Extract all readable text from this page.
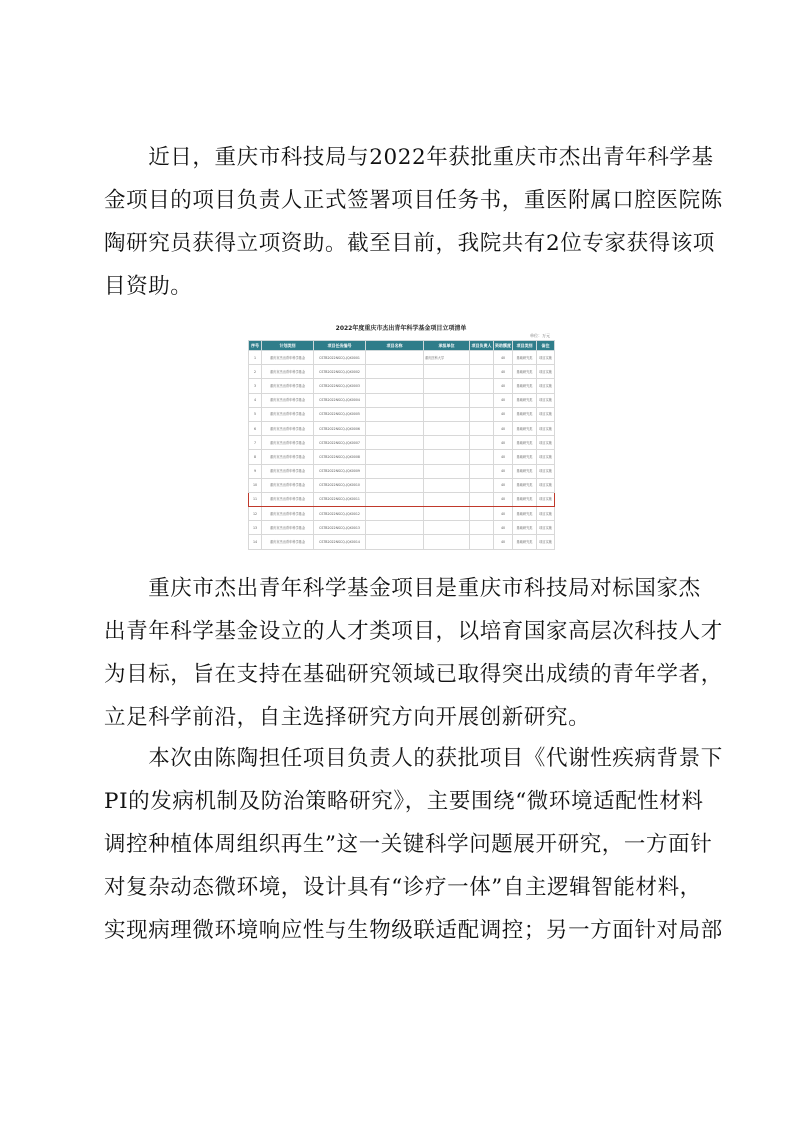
　　近日，重庆市科技局与2022年获批重庆市杰出青年科学基
金项目的项目负责人正式签署项目任务书，重医附属口腔医院陈
陶研究员获得立项资助。截至目前，我院共有2位专家获得该项
目资助。
2022年度重庆市杰出青年科学基金项目立项清单
单位：万元
序号	计划类别	项目任务编号	项目名称	承担单位	项目负责人	资助额度	项目类别	备注
1	重庆市杰出青年科学基金	CSTB2022NSCQ-JQX0001		重庆医科大学		40	基础研究类	项目实施
2	重庆市杰出青年科学基金	CSTB2022NSCQ-JQX0002				40	基础研究类	项目实施
3	重庆市杰出青年科学基金	CSTB2022NSCQ-JQX0003				40	基础研究类	项目实施
4	重庆市杰出青年科学基金	CSTB2022NSCQ-JQX0004				40	基础研究类	项目实施
5	重庆市杰出青年科学基金	CSTB2022NSCQ-JQX0005				40	基础研究类	项目实施
6	重庆市杰出青年科学基金	CSTB2022NSCQ-JQX0006				40	基础研究类	项目实施
7	重庆市杰出青年科学基金	CSTB2022NSCQ-JQX0007				40	基础研究类	项目实施
8	重庆市杰出青年科学基金	CSTB2022NSCQ-JQX0008				40	基础研究类	项目实施
9	重庆市杰出青年科学基金	CSTB2022NSCQ-JQX0009				40	基础研究类	项目实施
10	重庆市杰出青年科学基金	CSTB2022NSCQ-JQX0010				40	基础研究类	项目实施
11	重庆市杰出青年科学基金	CSTB2022NSCQ-JQX0011				40	基础研究类	项目实施
12	重庆市杰出青年科学基金	CSTB2022NSCQ-JQX0012				40	基础研究类	项目实施
13	重庆市杰出青年科学基金	CSTB2022NSCQ-JQX0013				40	基础研究类	项目实施
14	重庆市杰出青年科学基金	CSTB2022NSCQ-JQX0014				40	基础研究类	项目实施
　　重庆市杰出青年科学基金项目是重庆市科技局对标国家杰
出青年科学基金设立的人才类项目，以培育国家高层次科技人才
为目标，旨在支持在基础研究领域已取得突出成绩的青年学者，
立足科学前沿，自主选择研究方向开展创新研究。
　　本次由陈陶担任项目负责人的获批项目《代谢性疾病背景下
PI的发病机制及防治策略研究》，主要围绕“微环境适配性材料
调控种植体周组织再生”这一关键科学问题展开研究，一方面针
对复杂动态微环境，设计具有“诊疗一体”自主逻辑智能材料，
实现病理微环境响应性与生物级联适配调控；另一方面针对局部
